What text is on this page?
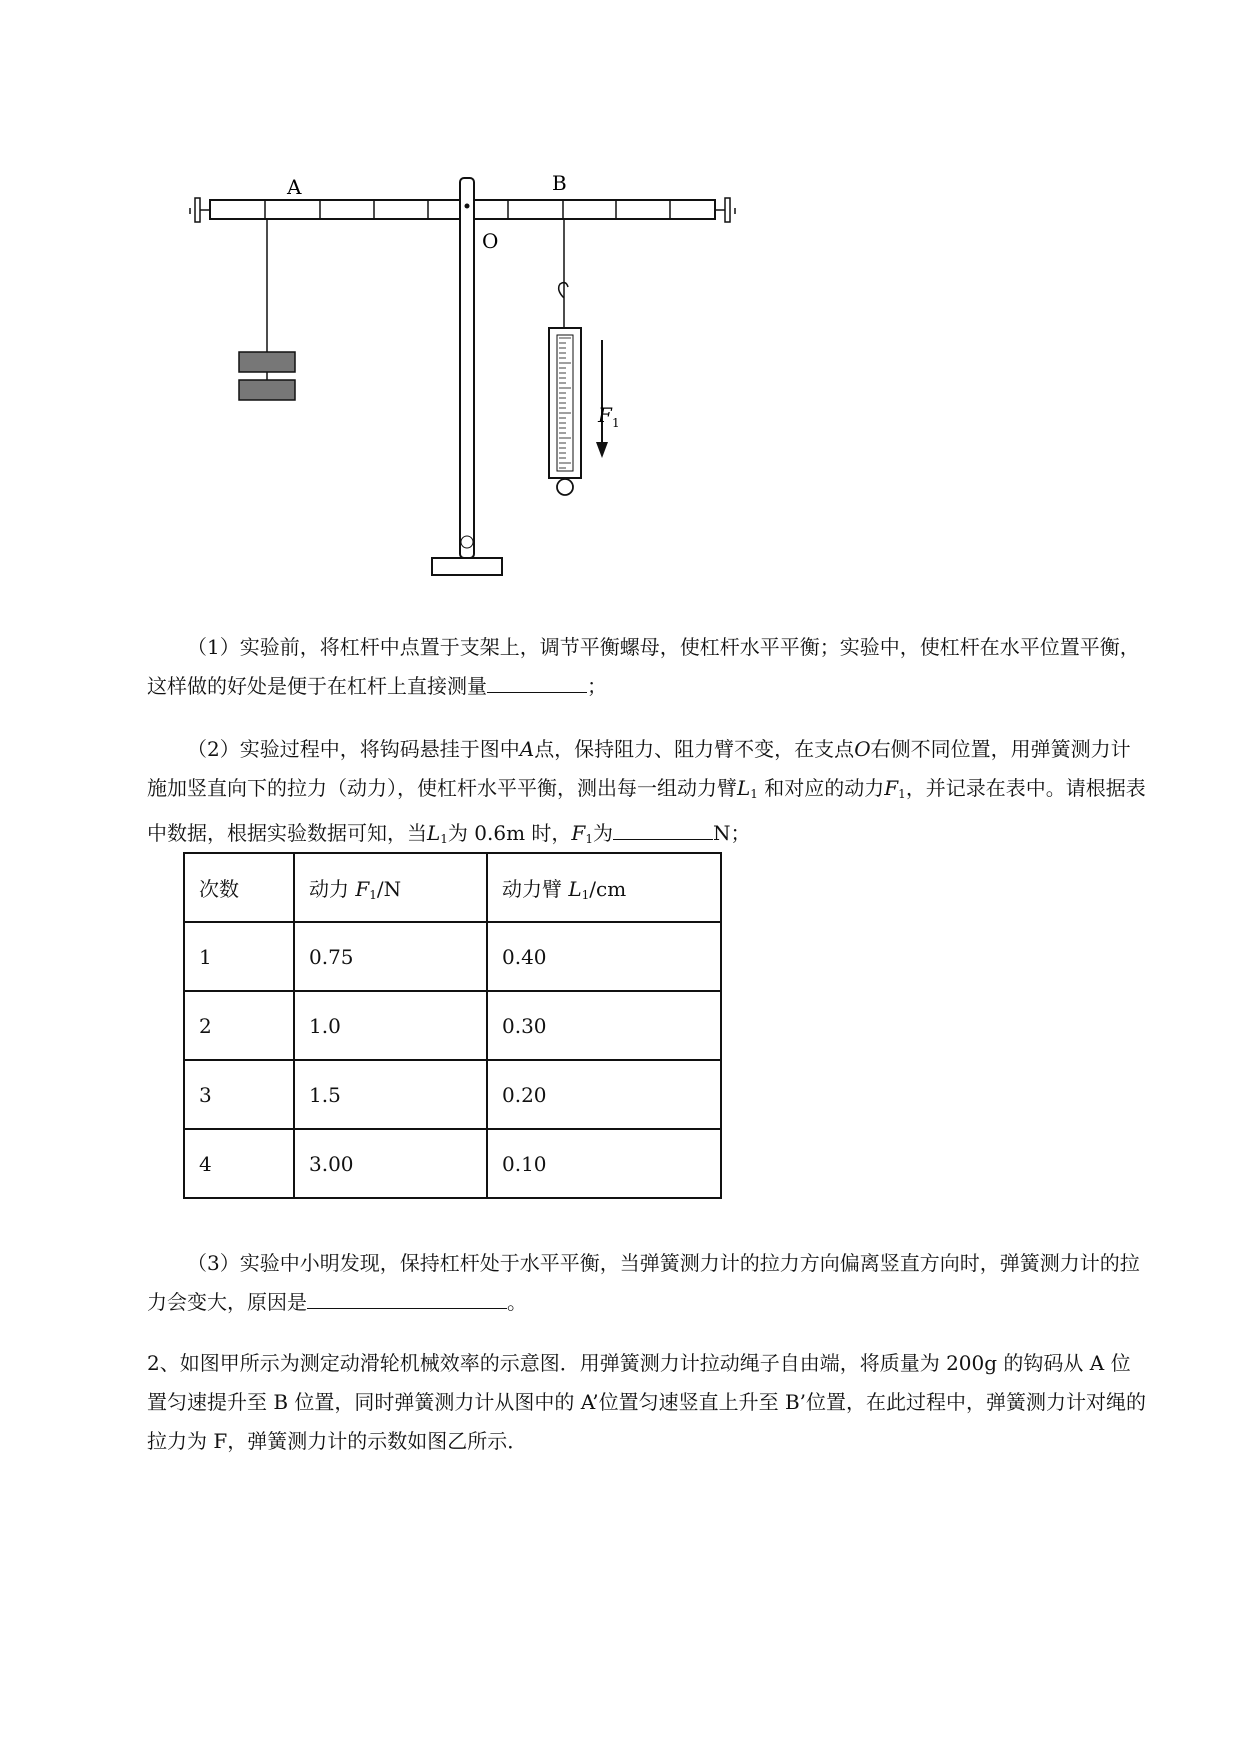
A	B
O
F 1

（1）实验前，将杠杆中点置于支架上，调节平衡螺母，使杠杆水平平衡；实验中，使杠杆在水平位置平衡，这样做的好处是便于在杠杆上直接测量	；

（2）实验过程中，将钩码悬挂于图中A点，保持阻力、阻力臂不变，在支点O右侧不同位置，用弹簧测力计施加竖直向下的拉力（动力），使杠杆水平平衡，测出每一组动力臂$L_1$ 和对应的动力$F_1$，并记录在表中。请根据表中数据，根据实验数据可知，当$L_1$为 0.6m 时，$F_1$为	N；

次数	动力 $F_1/N$	动力臂 $L_1/cm$
1	0.75	0.40
2	1.0	0.30
3	1.5	0.20
4	3.00	0.10

（3）实验中小明发现，保持杠杆处于水平平衡，当弹簧测力计的拉力方向偏离竖直方向时，弹簧测力计的拉力会变大，原因是	。

2、如图甲所示为测定动滑轮机械效率的示意图．用弹簧测力计拉动绳子自由端，将质量为 200g 的钩码从 A 位置匀速提升至 B 位置，同时弹簧测力计从图中的 A’位置匀速竖直上升至 B’位置，在此过程中，弹簧测力计对绳的拉力为 F，弹簧测力计的示数如图乙所示．
